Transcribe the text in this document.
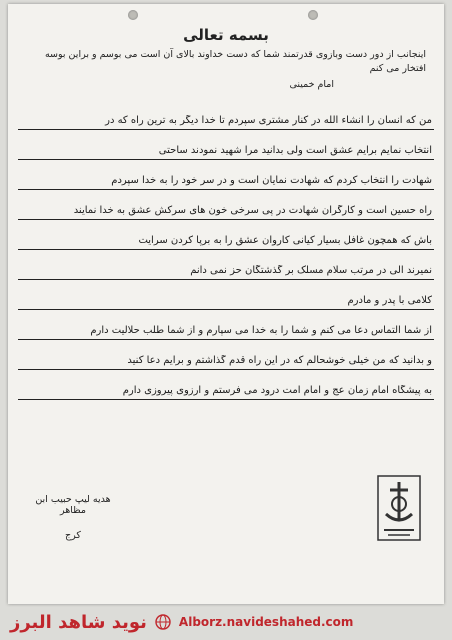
بسمه تعالی
اینجانب از دور دست وبازوی قدرتمند شما که دست خداوند بالای آن است می بوسم و براین بوسه افتخار می کنم
امام خمینی
من که انسان را انشاء الله در کنار مشتری سپردم تا خدا دیگر به ترین راه که در
انتخاب نمایم برایم عشق است ولی بدانید مرا شهید نمودند ساحتی
شهادت را انتخاب کردم که شهادت نمایان است و در سر خود را به خدا سپردم
راه حسین است و کارگران شهادت در پی سرخی خون های سرکش عشق به خدا نمایند
باش که همچون غافل بسیار کیانی کاروان عشق را به برپا کردن سرایت
نمیرند الی در مرتب سلام مسلک بر گذشتگان حز نمی دانم
کلامی با پدر و مادرم
از شما التماس دعا می کنم و شما را به خدا می سپارم و از شما طلب حلالیت دارم
و بدانید که من خیلی خوشحالم که در این راه قدم گذاشتم و برایم دعا کنید
به پیشگاه امام زمان عج و امام امت درود می فرستم و آرزوی پیروزی دارم
هدیه لیپ حبیب ابن مظاهر
کرج
نوید شاهد البرز	Alborz.navideshahed.com
